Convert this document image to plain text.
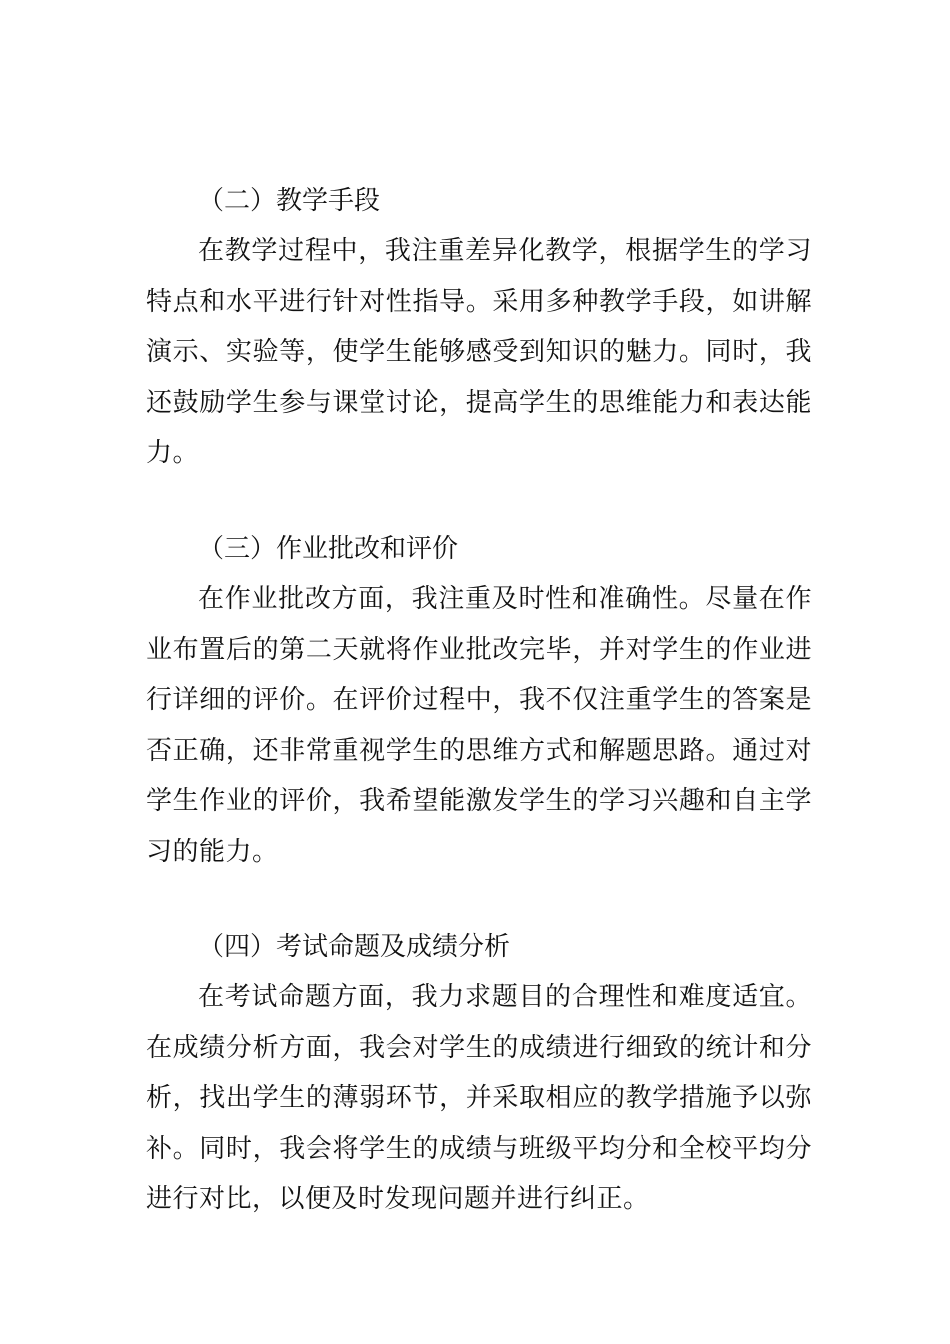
（二）教学手段

在教学过程中，我注重差异化教学，根据学生的学习特点和水平进行针对性指导。采用多种教学手段，如讲解演示、实验等，使学生能够感受到知识的魅力。同时，我还鼓励学生参与课堂讨论，提高学生的思维能力和表达能力。

（三）作业批改和评价

在作业批改方面，我注重及时性和准确性。尽量在作业布置后的第二天就将作业批改完毕，并对学生的作业进行详细的评价。在评价过程中，我不仅注重学生的答案是否正确，还非常重视学生的思维方式和解题思路。通过对学生作业的评价，我希望能激发学生的学习兴趣和自主学习的能力。

（四）考试命题及成绩分析

在考试命题方面，我力求题目的合理性和难度适宜。在成绩分析方面，我会对学生的成绩进行细致的统计和分析，找出学生的薄弱环节，并采取相应的教学措施予以弥补。同时，我会将学生的成绩与班级平均分和全校平均分进行对比，以便及时发现问题并进行纠正。
